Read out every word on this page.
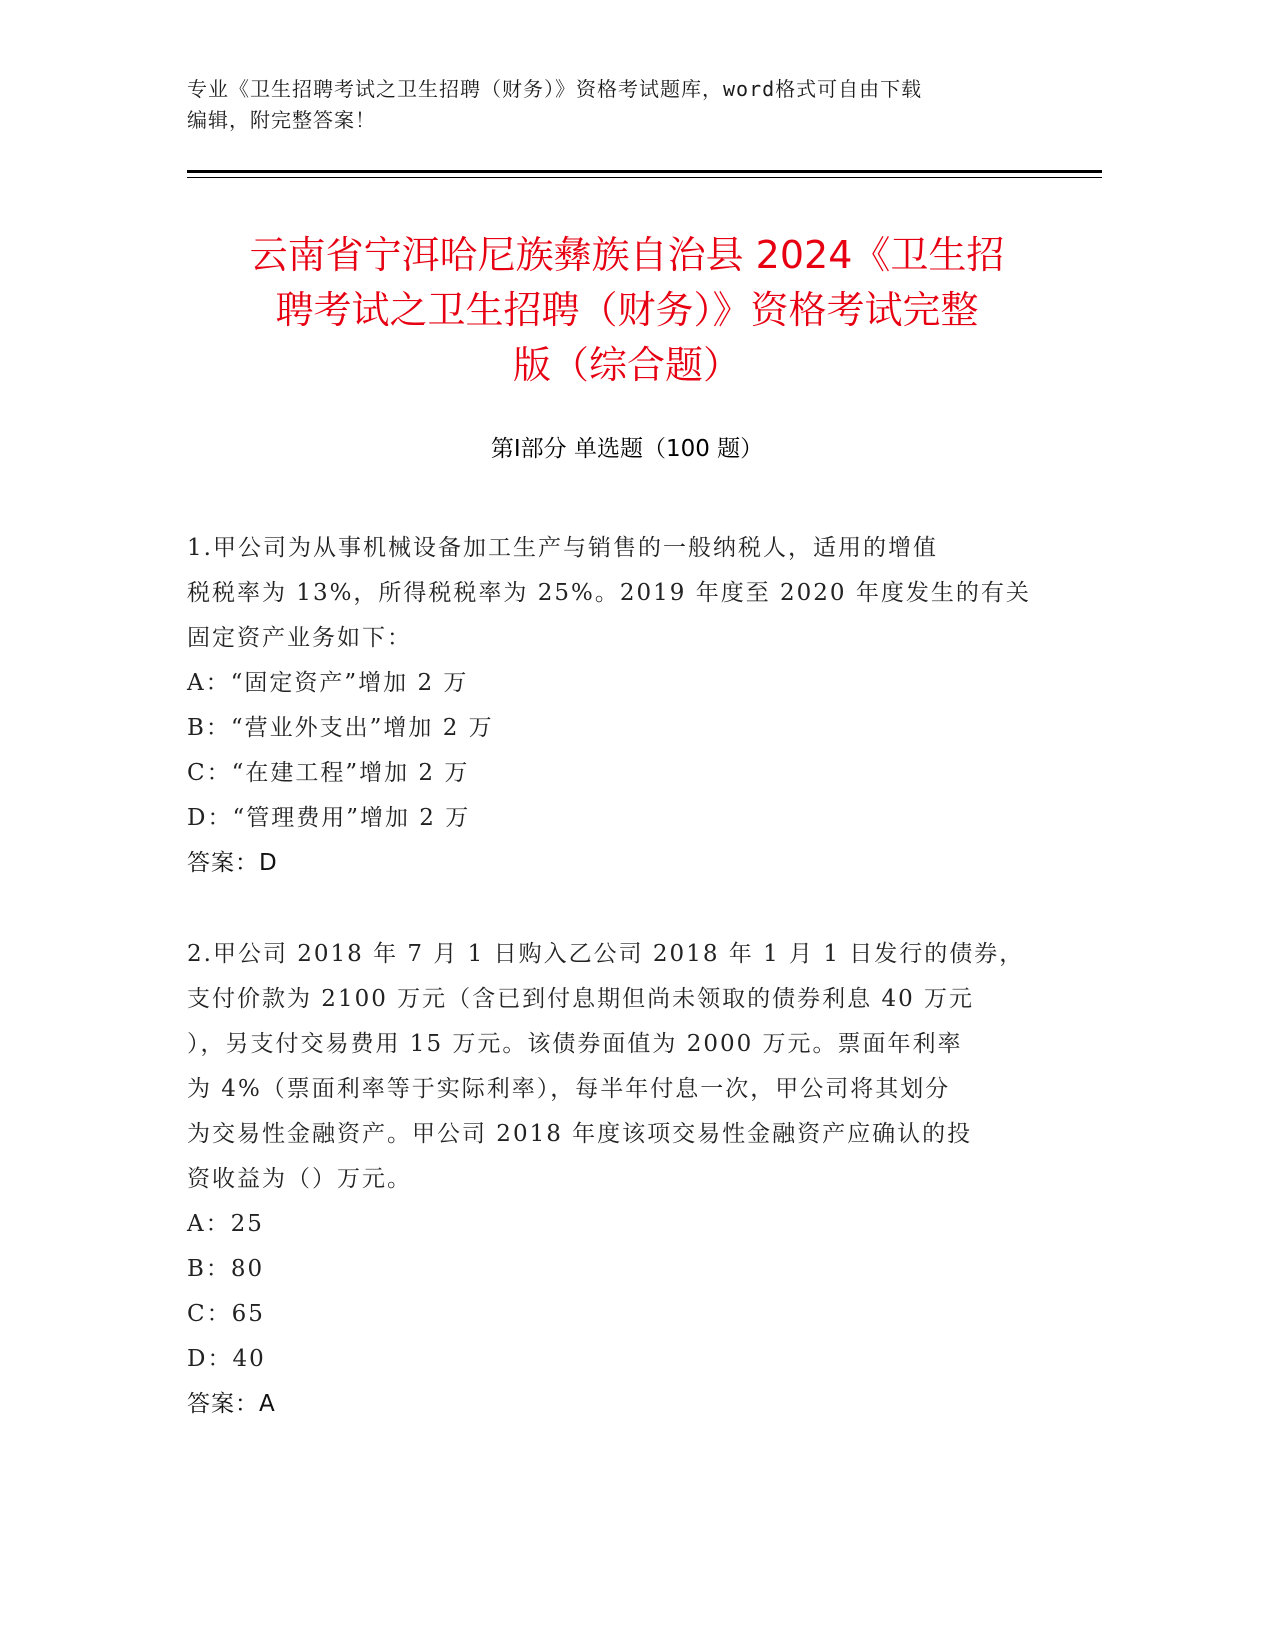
专业《卫生招聘考试之卫生招聘（财务）》资格考试题库，word格式可自由下载
编辑，附完整答案！
云南省宁洱哈尼族彝族自治县 2024《卫生招
聘考试之卫生招聘（财务）》资格考试完整
版（综合题）
第Ⅰ部分 单选题（100 题）
1.甲公司为从事机械设备加工生产与销售的一般纳税人，适用的增值
税税率为 13%，所得税税率为 25%。2019 年度至 2020 年度发生的有关
固定资产业务如下：
A：“固定资产”增加 2 万
B：“营业外支出”增加 2 万
C：“在建工程”增加 2 万
D：“管理费用”增加 2 万
答案：D
2.甲公司 2018 年 7 月 1 日购入乙公司 2018 年 1 月 1 日发行的债券，
支付价款为 2100 万元（含已到付息期但尚未领取的债券利息 40 万元
），另支付交易费用 15 万元。该债券面值为 2000 万元。票面年利率
为 4%（票面利率等于实际利率），每半年付息一次，甲公司将其划分
为交易性金融资产。甲公司 2018 年度该项交易性金融资产应确认的投
资收益为（）万元。
A：25
B：80
C：65
D：40
答案：A
